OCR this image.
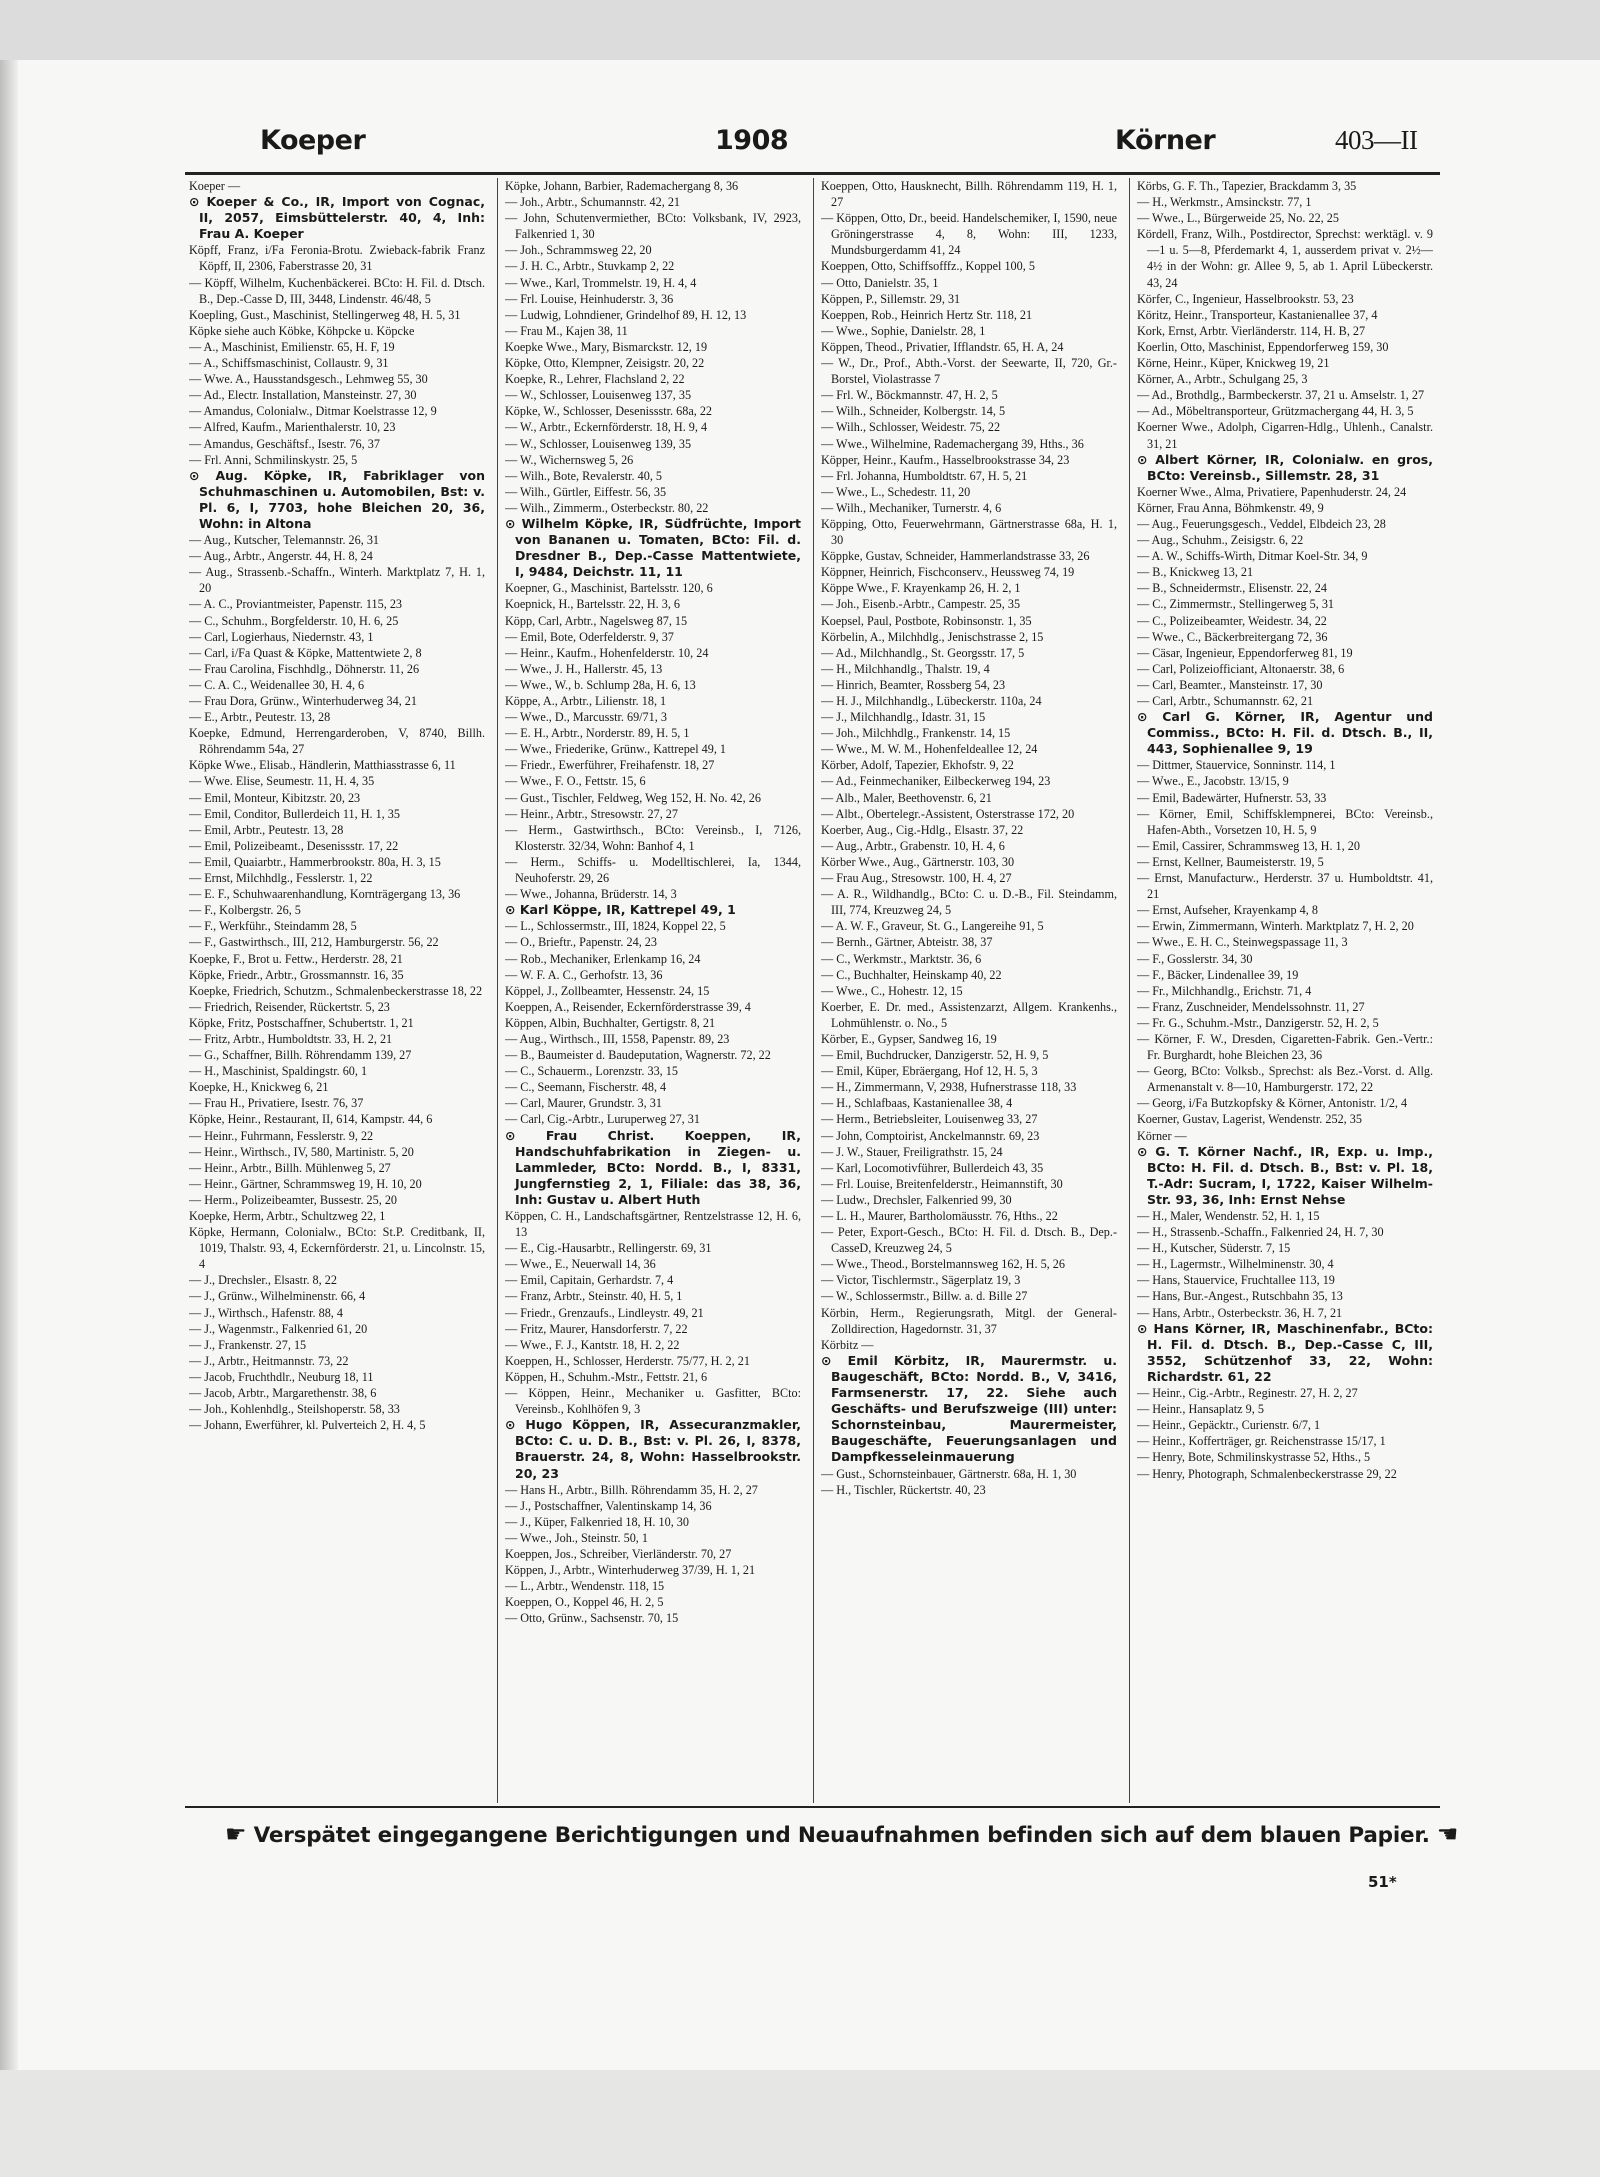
Koeper	1908	Körner	403—II

Koeper —

⊙ Koeper & Co., IR, Import von Cognac, II, 2057, Eimsbüttelerstr. 40, 4, Inh: Frau A. Koeper

Köpff, Franz, i/Fa Feronia-Brotu. Zwieback-fabrik Franz Köpff, II, 2306, Faberstrasse 20, 31

— Köpff, Wilhelm, Kuchenbäckerei. BCto: H. Fil. d. Dtsch. B., Dep.-Casse D, III, 3448, Lindenstr. 46/48, 5

Koepling, Gust., Maschinist, Stellingerweg 48, H. 5, 31

Köpke siehe auch Köbke, Köhpcke u. Köpcke

— A., Maschinist, Emilienstr. 65, H. F, 19

— A., Schiffsmaschinist, Collaustr. 9, 31

— Wwe. A., Hausstandsgesch., Lehmweg 55, 30

— Ad., Electr. Installation, Mansteinstr. 27, 30

— Amandus, Colonialw., Ditmar Koelstrasse 12, 9

— Alfred, Kaufm., Marienthalerstr. 10, 23

— Amandus, Geschäftsf., Isestr. 76, 37

— Frl. Anni, Schmilinskystr. 25, 5

⊙ Aug. Köpke, IR, Fabriklager von Schuhmaschinen u. Automobilen, Bst: v. Pl. 6, I, 7703, hohe Bleichen 20, 36, Wohn: in Altona

— Aug., Kutscher, Telemannstr. 26, 31

— Aug., Arbtr., Angerstr. 44, H. 8, 24

— Aug., Strassenb.-Schaffn., Winterh. Marktplatz 7, H. 1, 20

— A. C., Proviantmeister, Papenstr. 115, 23

— C., Schuhm., Borgfelderstr. 10, H. 6, 25

— Carl, Logierhaus, Niedernstr. 43, 1

— Carl, i/Fa Quast & Köpke, Mattentwiete 2, 8

— Frau Carolina, Fischhdlg., Döhnerstr. 11, 26

— C. A. C., Weidenallee 30, H. 4, 6

— Frau Dora, Grünw., Winterhuderweg 34, 21

— E., Arbtr., Peutestr. 13, 28

Koepke, Edmund, Herrengarderoben, V, 8740, Billh. Röhrendamm 54a, 27

Köpke Wwe., Elisab., Händlerin, Matthiasstrasse 6, 11

— Wwe. Elise, Seumestr. 11, H. 4, 35

— Emil, Monteur, Kibitzstr. 20, 23

— Emil, Conditor, Bullerdeich 11, H. 1, 35

— Emil, Arbtr., Peutestr. 13, 28

— Emil, Polizeibeamt., Desenissstr. 17, 22

— Emil, Quaiarbtr., Hammerbrookstr. 80a, H. 3, 15

— Ernst, Milchhdlg., Fesslerstr. 1, 22

— E. F., Schuhwaarenhandlung, Kornträgergang 13, 36

— F., Kolbergstr. 26, 5

— F., Werkführ., Steindamm 28, 5

— F., Gastwirthsch., III, 212, Hamburgerstr. 56, 22

Koepke, F., Brot u. Fettw., Herderstr. 28, 21

Köpke, Friedr., Arbtr., Grossmannstr. 16, 35

Koepke, Friedrich, Schutzm., Schmalenbeckerstrasse 18, 22

— Friedrich, Reisender, Rückertstr. 5, 23

Köpke, Fritz, Postschaffner, Schubertstr. 1, 21

— Fritz, Arbtr., Humboldtstr. 33, H. 2, 21

— G., Schaffner, Billh. Röhrendamm 139, 27

— H., Maschinist, Spaldingstr. 60, 1

Koepke, H., Knickweg 6, 21

— Frau H., Privatiere, Isestr. 76, 37

Köpke, Heinr., Restaurant, II, 614, Kampstr. 44, 6

— Heinr., Fuhrmann, Fesslerstr. 9, 22

— Heinr., Wirthsch., IV, 580, Martinistr. 5, 20

— Heinr., Arbtr., Billh. Mühlenweg 5, 27

— Heinr., Gärtner, Schrammsweg 19, H. 10, 20

— Herm., Polizeibeamter, Bussestr. 25, 20

Koepke, Herm, Arbtr., Schultzweg 22, 1

Köpke, Hermann, Colonialw., BCto: St.P. Creditbank, II, 1019, Thalstr. 93, 4, Eckernförderstr. 21, u. Lincolnstr. 15, 4

— J., Drechsler., Elsastr. 8, 22

— J., Grünw., Wilhelminenstr. 66, 4

— J., Wirthsch., Hafenstr. 88, 4

— J., Wagenmstr., Falkenried 61, 20

— J., Frankenstr. 27, 15

— J., Arbtr., Heitmannstr. 73, 22

— Jacob, Fruchthdlr., Neuburg 18, 11

— Jacob, Arbtr., Margarethenstr. 38, 6

— Joh., Kohlenhdlg., Steilshoperstr. 58, 33

— Johann, Ewerführer, kl. Pulverteich 2, H. 4, 5

Köpke, Johann, Barbier, Rademachergang 8, 36

— Joh., Arbtr., Schumannstr. 42, 21

— John, Schutenvermiether, BCto: Volksbank, IV, 2923, Falkenried 1, 30

— Joh., Schrammsweg 22, 20

— J. H. C., Arbtr., Stuvkamp 2, 22

— Wwe., Karl, Trommelstr. 19, H. 4, 4

— Frl. Louise, Heinhuderstr. 3, 36

— Ludwig, Lohndiener, Grindelhof 89, H. 12, 13

— Frau M., Kajen 38, 11

Koepke Wwe., Mary, Bismarckstr. 12, 19

Köpke, Otto, Klempner, Zeisigstr. 20, 22

Koepke, R., Lehrer, Flachsland 2, 22

— W., Schlosser, Louisenweg 137, 35

Köpke, W., Schlosser, Desenissstr. 68a, 22

— W., Arbtr., Eckernförderstr. 18, H. 9, 4

— W., Schlosser, Louisenweg 139, 35

— W., Wichernsweg 5, 26

— Wilh., Bote, Revalerstr. 40, 5

— Wilh., Gürtler, Eiffestr. 56, 35

— Wilh., Zimmerm., Osterbeckstr. 80, 22

⊙ Wilhelm Köpke, IR, Südfrüchte, Import von Bananen u. Tomaten, BCto: Fil. d. Dresdner B., Dep.-Casse Mattentwiete, I, 9484, Deichstr. 11, 11

Koepner, G., Maschinist, Bartelsstr. 120, 6

Koepnick, H., Bartelsstr. 22, H. 3, 6

Köpp, Carl, Arbtr., Nagelsweg 87, 15

— Emil, Bote, Oderfelderstr. 9, 37

— Heinr., Kaufm., Hohenfelderstr. 10, 24

— Wwe., J. H., Hallerstr. 45, 13

— Wwe., W., b. Schlump 28a, H. 6, 13

Köppe, A., Arbtr., Lilienstr. 18, 1

— Wwe., D., Marcusstr. 69/71, 3

— E. H., Arbtr., Norderstr. 89, H. 5, 1

— Wwe., Friederike, Grünw., Kattrepel 49, 1

— Friedr., Ewerführer, Freihafenstr. 18, 27

— Wwe., F. O., Fettstr. 15, 6

— Gust., Tischler, Feldweg, Weg 152, H. No. 42, 26

— Heinr., Arbtr., Stresowstr. 27, 27

— Herm., Gastwirthsch., BCto: Vereinsb., I, 7126, Klosterstr. 32/34, Wohn: Banhof 4, 1

— Herm., Schiffs- u. Modelltischlerei, Ia, 1344, Neuhoferstr. 29, 26

— Wwe., Johanna, Brüderstr. 14, 3

⊙ Karl Köppe, IR, Kattrepel 49, 1

— L., Schlossermstr., III, 1824, Koppel 22, 5

— O., Brieftr., Papenstr. 24, 23

— Rob., Mechaniker, Erlenkamp 16, 24

— W. F. A. C., Gerhofstr. 13, 36

Köppel, J., Zollbeamter, Hessenstr. 24, 15

Koeppen, A., Reisender, Eckernförderstrasse 39, 4

Köppen, Albin, Buchhalter, Gertigstr. 8, 21

— Aug., Wirthsch., III, 1558, Papenstr. 89, 23

— B., Baumeister d. Baudeputation, Wagnerstr. 72, 22

— C., Schauerm., Lorenzstr. 33, 15

— C., Seemann, Fischerstr. 48, 4

— Carl, Maurer, Grundstr. 3, 31

— Carl, Cig.-Arbtr., Luruperweg 27, 31

⊙ Frau Christ. Koeppen, IR, Handschuhfabrikation in Ziegen- u. Lammleder, BCto: Nordd. B., I, 8331, Jungfernstieg 2, 1, Filiale: das 38, 36, Inh: Gustav u. Albert Huth

Köppen, C. H., Landschaftsgärtner, Rentzelstrasse 12, H. 6, 13

— E., Cig.-Hausarbtr., Rellingerstr. 69, 31

— Wwe., E., Neuerwall 14, 36

— Emil, Capitain, Gerhardstr. 7, 4

— Franz, Arbtr., Steinstr. 40, H. 5, 1

— Friedr., Grenzaufs., Lindleystr. 49, 21

— Fritz, Maurer, Hansdorferstr. 7, 22

— Wwe., F. J., Kantstr. 18, H. 2, 22

Koeppen, H., Schlosser, Herderstr. 75/77, H. 2, 21

Köppen, H., Schuhm.-Mstr., Fettstr. 21, 6

— Köppen, Heinr., Mechaniker u. Gasfitter, BCto: Vereinsb., Kohlhöfen 9, 3

⊙ Hugo Köppen, IR, Assecuranzmakler, BCto: C. u. D. B., Bst: v. Pl. 26, I, 8378, Brauerstr. 24, 8, Wohn: Hasselbrookstr. 20, 23

— Hans H., Arbtr., Billh. Röhrendamm 35, H. 2, 27

— J., Postschaffner, Valentinskamp 14, 36

— J., Küper, Falkenried 18, H. 10, 30

— Wwe., Joh., Steinstr. 50, 1

Koeppen, Jos., Schreiber, Vierländerstr. 70, 27

Köppen, J., Arbtr., Winterhuderweg 37/39, H. 1, 21

— L., Arbtr., Wendenstr. 118, 15

Koeppen, O., Koppel 46, H. 2, 5

— Otto, Grünw., Sachsenstr. 70, 15

Koeppen, Otto, Hausknecht, Billh. Röhrendamm 119, H. 1, 27

— Köppen, Otto, Dr., beeid. Handelschemiker, I, 1590, neue Gröningerstrasse 4, 8, Wohn: III, 1233, Mundsburgerdamm 41, 24

Koeppen, Otto, Schiffsofffz., Koppel 100, 5

— Otto, Danielstr. 35, 1

Köppen, P., Sillemstr. 29, 31

Koeppen, Rob., Heinrich Hertz Str. 118, 21

— Wwe., Sophie, Danielstr. 28, 1

Köppen, Theod., Privatier, Ifflandstr. 65, H. A, 24

— W., Dr., Prof., Abth.-Vorst. der Seewarte, II, 720, Gr.-Borstel, Violastrasse 7

— Frl. W., Böckmannstr. 47, H. 2, 5

— Wilh., Schneider, Kolbergstr. 14, 5

— Wilh., Schlosser, Weidestr. 75, 22

— Wwe., Wilhelmine, Rademachergang 39, Hths., 36

Köpper, Heinr., Kaufm., Hasselbrookstrasse 34, 23

— Frl. Johanna, Humboldtstr. 67, H. 5, 21

— Wwe., L., Schedestr. 11, 20

— Wilh., Mechaniker, Turnerstr. 4, 6

Köpping, Otto, Feuerwehrmann, Gärtnerstrasse 68a, H. 1, 30

Köppke, Gustav, Schneider, Hammerlandstrasse 33, 26

Köppner, Heinrich, Fischconserv., Heussweg 74, 19

Köppe Wwe., F. Krayenkamp 26, H. 2, 1

— Joh., Eisenb.-Arbtr., Campestr. 25, 35

Koepsel, Paul, Postbote, Robinsonstr. 1, 35

Körbelin, A., Milchhdlg., Jenischstrasse 2, 15

— Ad., Milchhandlg., St. Georgsstr. 17, 5

— H., Milchhandlg., Thalstr. 19, 4

— Hinrich, Beamter, Rossberg 54, 23

— H. J., Milchhandlg., Lübeckerstr. 110a, 24

— J., Milchhandlg., Idastr. 31, 15

— Joh., Milchhdlg., Frankenstr. 14, 15

— Wwe., M. W. M., Hohenfeldeallee 12, 24

Körber, Adolf, Tapezier, Ekhofstr. 9, 22

— Ad., Feinmechaniker, Eilbeckerweg 194, 23

— Alb., Maler, Beethovenstr. 6, 21

— Albt., Obertelegr.-Assistent, Osterstrasse 172, 20

Koerber, Aug., Cig.-Hdlg., Elsastr. 37, 22

— Aug., Arbtr., Grabenstr. 10, H. 4, 6

Körber Wwe., Aug., Gärtnerstr. 103, 30

— Frau Aug., Stresowstr. 100, H. 4, 27

— A. R., Wildhandlg., BCto: C. u. D.-B., Fil. Steindamm, III, 774, Kreuzweg 24, 5

— A. W. F., Graveur, St. G., Langereihe 91, 5

— Bernh., Gärtner, Abteistr. 38, 37

— C., Werkmstr., Marktstr. 36, 6

— C., Buchhalter, Heinskamp 40, 22

— Wwe., C., Hohestr. 12, 15

Koerber, E. Dr. med., Assistenzarzt, Allgem. Krankenhs., Lohmühlenstr. o. No., 5

Körber, E., Gypser, Sandweg 16, 19

— Emil, Buchdrucker, Danzigerstr. 52, H. 9, 5

— Emil, Küper, Ebräergang, Hof 12, H. 5, 3

— H., Zimmermann, V, 2938, Hufnerstrasse 118, 33

— H., Schlafbaas, Kastanienallee 38, 4

— Herm., Betriebsleiter, Louisenweg 33, 27

— John, Comptoirist, Anckelmannstr. 69, 23

— J. W., Stauer, Freiligrathstr. 15, 24

— Karl, Locomotivführer, Bullerdeich 43, 35

— Frl. Louise, Breitenfelderstr., Heimannstift, 30

— Ludw., Drechsler, Falkenried 99, 30

— L. H., Maurer, Bartholomäusstr. 76, Hths., 22

— Peter, Export-Gesch., BCto: H. Fil. d. Dtsch. B., Dep.-CasseD, Kreuzweg 24, 5

— Wwe., Theod., Borstelmannsweg 162, H. 5, 26

— Victor, Tischlermstr., Sägerplatz 19, 3

— W., Schlossermstr., Billw. a. d. Bille 27

Körbin, Herm., Regierungsrath, Mitgl. der General-Zolldirection, Hagedornstr. 31, 37

Körbitz —

⊙ Emil Körbitz, IR, Maurermstr. u. Baugeschäft, BCto: Nordd. B., V, 3416, Farmsenerstr. 17, 22. Siehe auch Geschäfts- und Berufszweige (III) unter: Schornsteinbau, Maurermeister, Baugeschäfte, Feuerungsanlagen und Dampfkesseleinmauerung

— Gust., Schornsteinbauer, Gärtnerstr. 68a, H. 1, 30

— H., Tischler, Rückertstr. 40, 23

Körbs, G. F. Th., Tapezier, Brackdamm 3, 35

— H., Werkmstr., Amsinckstr. 77, 1

— Wwe., L., Bürgerweide 25, No. 22, 25

Kördell, Franz, Wilh., Postdirector, Sprechst: werktägl. v. 9—1 u. 5—8, Pferdemarkt 4, 1, ausserdem privat v. 2½—4½ in der Wohn: gr. Allee 9, 5, ab 1. April Lübeckerstr. 43, 24

Körfer, C., Ingenieur, Hasselbrookstr. 53, 23

Köritz, Heinr., Transporteur, Kastanienallee 37, 4

Kork, Ernst, Arbtr. Vierländerstr. 114, H. B, 27

Koerlin, Otto, Maschinist, Eppendorferweg 159, 30

Körne, Heinr., Küper, Knickweg 19, 21

Körner, A., Arbtr., Schulgang 25, 3

— Ad., Brothdlg., Barmbeckerstr. 37, 21 u. Amselstr. 1, 27

— Ad., Möbeltransporteur, Grützmachergang 44, H. 3, 5

Koerner Wwe., Adolph, Cigarren-Hdlg., Uhlenh., Canalstr. 31, 21

⊙ Albert Körner, IR, Colonialw. en gros, BCto: Vereinsb., Sillemstr. 28, 31

Koerner Wwe., Alma, Privatiere, Papenhuderstr. 24, 24

Körner, Frau Anna, Böhmkenstr. 49, 9

— Aug., Feuerungsgesch., Veddel, Elbdeich 23, 28

— Aug., Schuhm., Zeisigstr. 6, 22

— A. W., Schiffs-Wirth, Ditmar Koel-Str. 34, 9

— B., Knickweg 13, 21

— B., Schneidermstr., Elisenstr. 22, 24

— C., Zimmermstr., Stellingerweg 5, 31

— C., Polizeibeamter, Weidestr. 34, 22

— Wwe., C., Bäckerbreitergang 72, 36

— Cäsar, Ingenieur, Eppendorferweg 81, 19

— Carl, Polizeiofficiant, Altonaerstr. 38, 6

— Carl, Beamter., Mansteinstr. 17, 30

— Carl, Arbtr., Schumannstr. 62, 21

⊙ Carl G. Körner, IR, Agentur und Commiss., BCto: H. Fil. d. Dtsch. B., II, 443, Sophienallee 9, 19

— Dittmer, Stauervice, Sonninstr. 114, 1

— Wwe., E., Jacobstr. 13/15, 9

— Emil, Badewärter, Hufnerstr. 53, 33

— Körner, Emil, Schiffsklempnerei, BCto: Vereinsb., Hafen-Abth., Vorsetzen 10, H. 5, 9

— Emil, Cassirer, Schrammsweg 13, H. 1, 20

— Ernst, Kellner, Baumeisterstr. 19, 5

— Ernst, Manufacturw., Herderstr. 37 u. Humboldtstr. 41, 21

— Ernst, Aufseher, Krayenkamp 4, 8

— Erwin, Zimmermann, Winterh. Marktplatz 7, H. 2, 20

— Wwe., E. H. C., Steinwegspassage 11, 3

— F., Gosslerstr. 34, 30

— F., Bäcker, Lindenallee 39, 19

— Fr., Milchhandlg., Erichstr. 71, 4

— Franz, Zuschneider, Mendelssohnstr. 11, 27

— Fr. G., Schuhm.-Mstr., Danzigerstr. 52, H. 2, 5

— Körner, F. W., Dresden, Cigaretten-Fabrik. Gen.-Vertr.: Fr. Burghardt, hohe Bleichen 23, 36

— Georg, BCto: Volksb., Sprechst: als Bez.-Vorst. d. Allg. Armenanstalt v. 8—10, Hamburgerstr. 172, 22

— Georg, i/Fa Butzkopfsky & Körner, Antonistr. 1/2, 4

Koerner, Gustav, Lagerist, Wendenstr. 252, 35

Körner —

⊙ G. T. Körner Nachf., IR, Exp. u. Imp., BCto: H. Fil. d. Dtsch. B., Bst: v. Pl. 18, T.-Adr: Sucram, I, 1722, Kaiser Wilhelm-Str. 93, 36, Inh: Ernst Nehse

— H., Maler, Wendenstr. 52, H. 1, 15

— H., Strassenb.-Schaffn., Falkenried 24, H. 7, 30

— H., Kutscher, Süderstr. 7, 15

— H., Lagermstr., Wilhelminenstr. 30, 4

— Hans, Stauervice, Fruchtallee 113, 19

— Hans, Bur.-Angest., Rutschbahn 35, 13

— Hans, Arbtr., Osterbeckstr. 36, H. 7, 21

⊙ Hans Körner, IR, Maschinenfabr., BCto: H. Fil. d. Dtsch. B., Dep.-Casse C, III, 3552, Schützenhof 33, 22, Wohn: Richardstr. 61, 22

— Heinr., Cig.-Arbtr., Reginestr. 27, H. 2, 27

— Heinr., Hansaplatz 9, 5

— Heinr., Gepäcktr., Curienstr. 6/7, 1

— Heinr., Kofferträger, gr. Reichenstrasse 15/17, 1

— Henry, Bote, Schmilinskystrasse 52, Hths., 5

— Henry, Photograph, Schmalenbeckerstrasse 29, 22

☛ Verspätet eingegangene Berichtigungen und Neuaufnahmen befinden sich auf dem blauen Papier. ☛
51*
